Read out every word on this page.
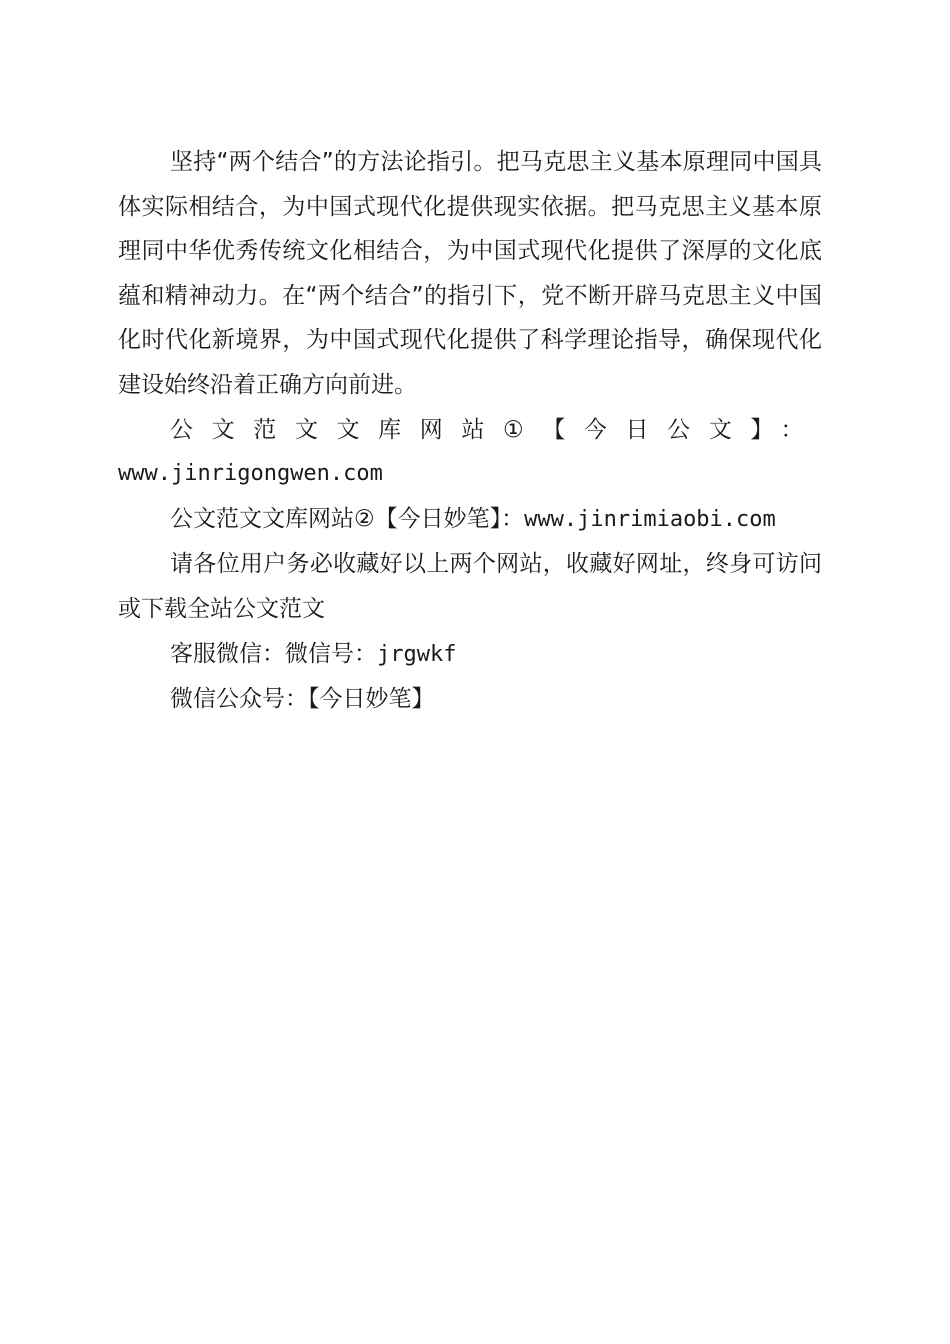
坚持“两个结合”的方法论指引。把马克思主义基本原理同中国具体实际相结合，为中国式现代化提供现实依据。把马克思主义基本原理同中华优秀传统文化相结合，为中国式现代化提供了深厚的文化底蕴和精神动力。在“两个结合”的指引下，党不断开辟马克思主义中国化时代化新境界，为中国式现代化提供了科学理论指导，确保现代化建设始终沿着正确方向前进。

公文范文文库网站①【今日公文】：

www.jinrigongwen.com

公文范文文库网站②【今日妙笔】：www.jinrimiaobi.com

请各位用户务必收藏好以上两个网站，收藏好网址，终身可访问或下载全站公文范文

客服微信：微信号：jrgwkf

微信公众号：【今日妙笔】
